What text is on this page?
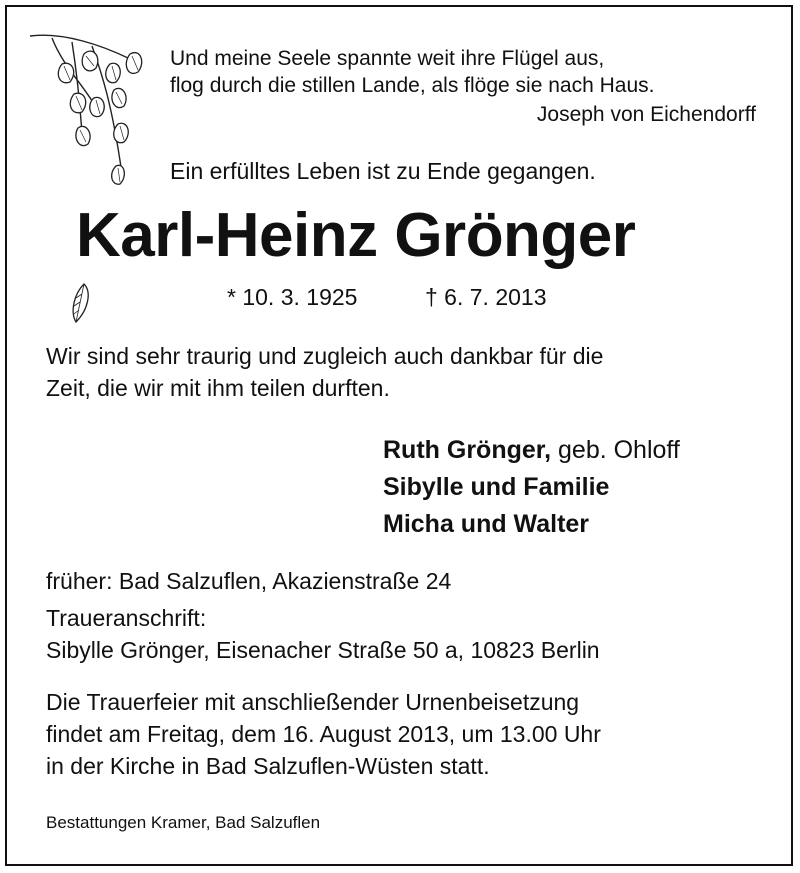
Und meine Seele spannte weit ihre Flügel aus,
flog durch die stillen Lande, als flöge sie nach Haus.
Joseph von Eichendorff
Ein erfülltes Leben ist zu Ende gegangen.
Karl-Heinz Grönger
* 10. 3. 1925	† 6. 7. 2013
Wir sind sehr traurig und zugleich auch dankbar für die
Zeit, die wir mit ihm teilen durften.
Ruth Grönger, geb. Ohloff
Sibylle und Familie
Micha und Walter
früher: Bad Salzuflen, Akazienstraße 24
Traueranschrift:
Sibylle Grönger, Eisenacher Straße 50 a, 10823 Berlin
Die Trauerfeier mit anschließender Urnenbeisetzung
findet am Freitag, dem 16. August 2013, um 13.00 Uhr
in der Kirche in Bad Salzuflen-Wüsten statt.
Bestattungen Kramer, Bad Salzuflen
